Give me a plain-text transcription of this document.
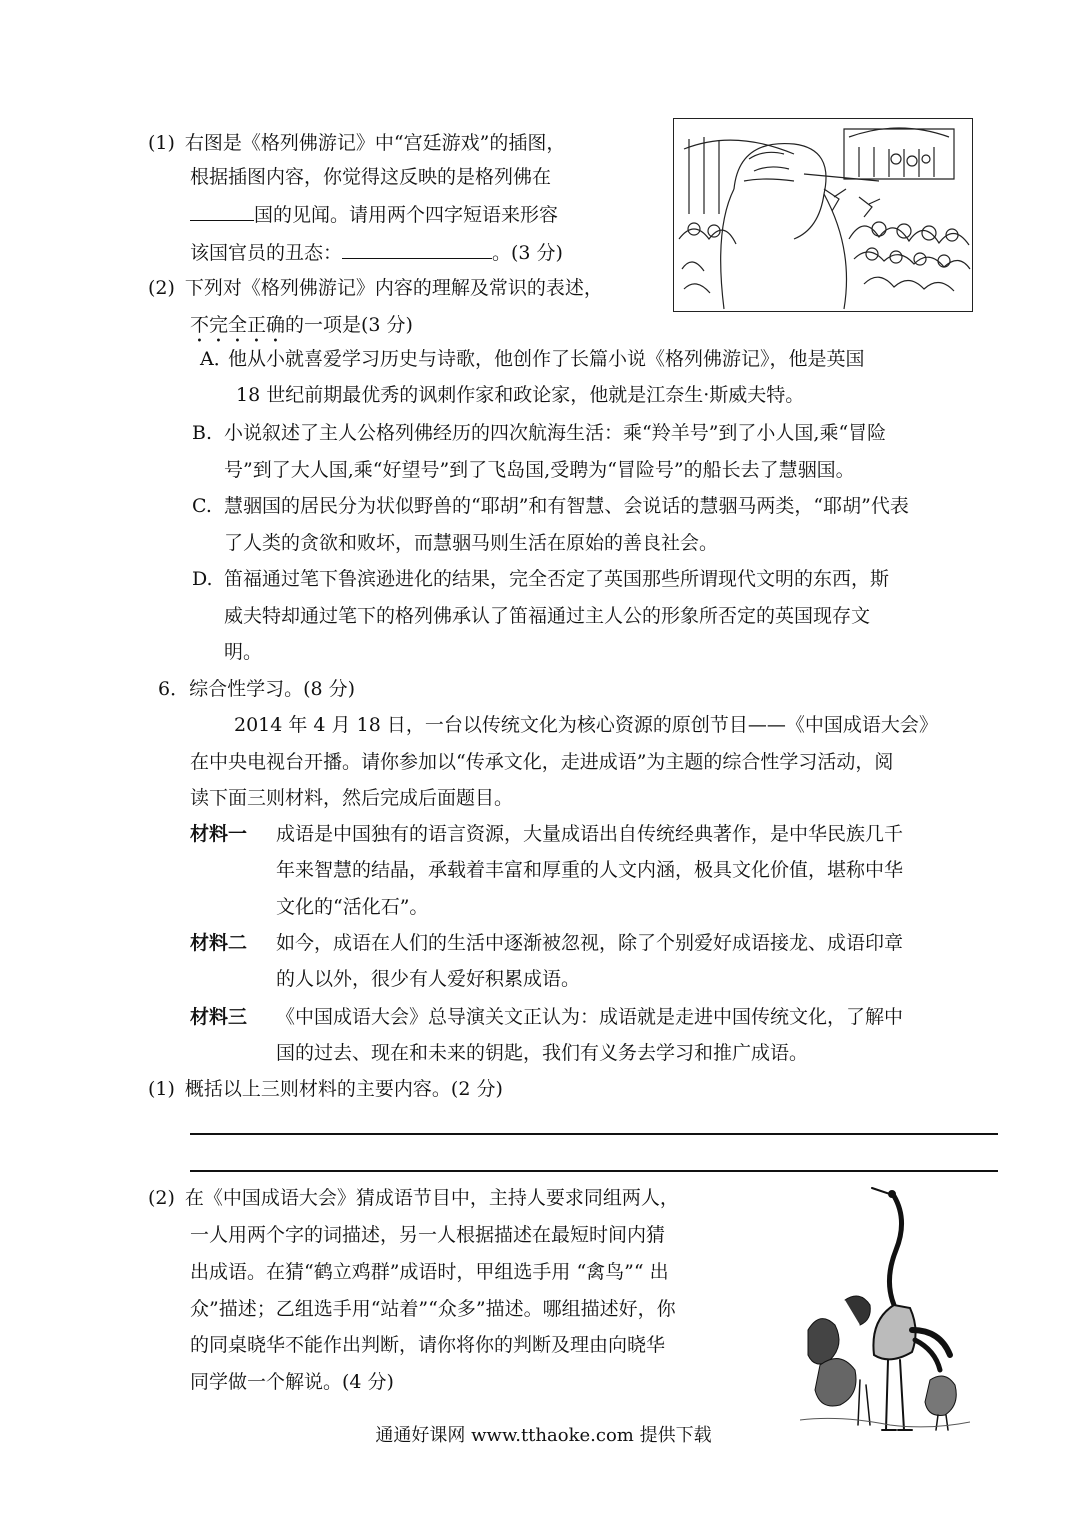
(1) 右图是《格列佛游记》中“宫廷游戏”的插图，
根据插图内容，你觉得这反映的是格列佛在
国的见闻。请用两个四字短语来形容
该国官员的丑态：	。(3 分)
(2) 下列对《格列佛游记》内容的理解及常识的表述，
不完全正确的一项是(3 分)
A．他从小就喜爱学习历史与诗歌，他创作了长篇小说《格列佛游记》，他是英国
18 世纪前期最优秀的讽刺作家和政论家，他就是江奈生·斯威夫特。
B. 小说叙述了主人公格列佛经历的四次航海生活：乘“羚羊号”到了小人国,乘“冒险
号”到了大人国,乘“好望号”到了飞岛国,受聘为“冒险号”的船长去了慧骃国。
C. 慧骃国的居民分为状似野兽的“耶胡”和有智慧、会说话的慧骃马两类，“耶胡”代表
了人类的贪欲和败坏，而慧骃马则生活在原始的善良社会。
D. 笛福通过笔下鲁滨逊进化的结果，完全否定了英国那些所谓现代文明的东西，斯
威夫特却通过笔下的格列佛承认了笛福通过主人公的形象所否定的英国现存文
明。
6．综合性学习。(8 分)
2014 年 4 月 18 日，一台以传统文化为核心资源的原创节目——《中国成语大会》
在中央电视台开播。请你参加以“传承文化，走进成语”为主题的综合性学习活动，阅
读下面三则材料，然后完成后面题目。
材料一 成语是中国独有的语言资源，大量成语出自传统经典著作，是中华民族几千
年来智慧的结晶，承载着丰富和厚重的人文内涵，极具文化价值，堪称中华
文化的“活化石”。
材料二 如今，成语在人们的生活中逐渐被忽视，除了个别爱好成语接龙、成语印章
的人以外，很少有人爱好积累成语。
材料三 《中国成语大会》总导演关文正认为：成语就是走进中国传统文化，了解中
国的过去、现在和未来的钥匙，我们有义务去学习和推广成语。
(1) 概括以上三则材料的主要内容。(2 分)
(2) 在《中国成语大会》猜成语节目中，主持人要求同组两人，
一人用两个字的词描述，另一人根据描述在最短时间内猜
出成语。在猜“鹤立鸡群”成语时，甲组选手用 “禽鸟”“ 出
众”描述；乙组选手用“站着”“众多”描述。哪组描述好，你
的同桌晓华不能作出判断，请你将你的判断及理由向晓华
同学做一个解说。(4 分)
通通好课网 www.tthaoke.com 提供下载
